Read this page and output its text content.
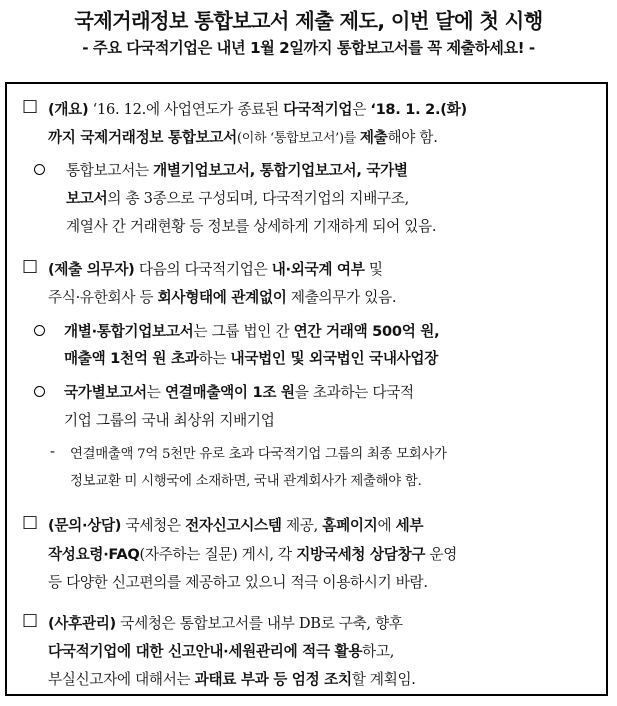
국제거래정보 통합보고서 제출 제도, 이번 달에 첫 시행
- 주요 다국적기업은 내년 1월 2일까지 통합보고서를 꼭 제출하세요! -
□ (개요) ‘16. 12.에 사업연도가 종료된 다국적기업은 ‘18. 1. 2.(화)
까지 국제거래정보 통합보고서(이하 ‘통합보고서’)를 제출해야 함.
통합보고서는 개별기업보고서, 통합기업보고서, 국가별
보고서의 총 3종으로 구성되며, 다국적기업의 지배구조,
계열사 간 거래현황 등 정보를 상세하게 기재하게 되어 있음.
□ (제출 의무자) 다음의 다국적기업은 내·외국계 여부 및
주식·유한회사 등 회사형태에 관계없이 제출의무가 있음.
개별·통합기업보고서는 그룹 법인 간 연간 거래액 500억 원,
매출액 1천억 원 초과하는 내국법인 및 외국법인 국내사업장
국가별보고서는 연결매출액이 1조 원을 초과하는 다국적
기업 그룹의 국내 최상위 지배기업
- 연결매출액 7억 5천만 유로 초과 다국적기업 그룹의 최종 모회사가
정보교환 미 시행국에 소재하면, 국내 관계회사가 제출해야 함.
□ (문의·상담) 국세청은 전자신고시스템 제공, 홈페이지에 세부
작성요령·FAQ(자주하는 질문) 게시, 각 지방국세청 상담창구 운영
등 다양한 신고편의를 제공하고 있으니 적극 이용하시기 바람.
□ (사후관리) 국세청은 통합보고서를 내부 DB로 구축, 향후
다국적기업에 대한 신고안내·세원관리에 적극 활용하고,
부실신고자에 대해서는 과태료 부과 등 엄정 조치할 계획임.
